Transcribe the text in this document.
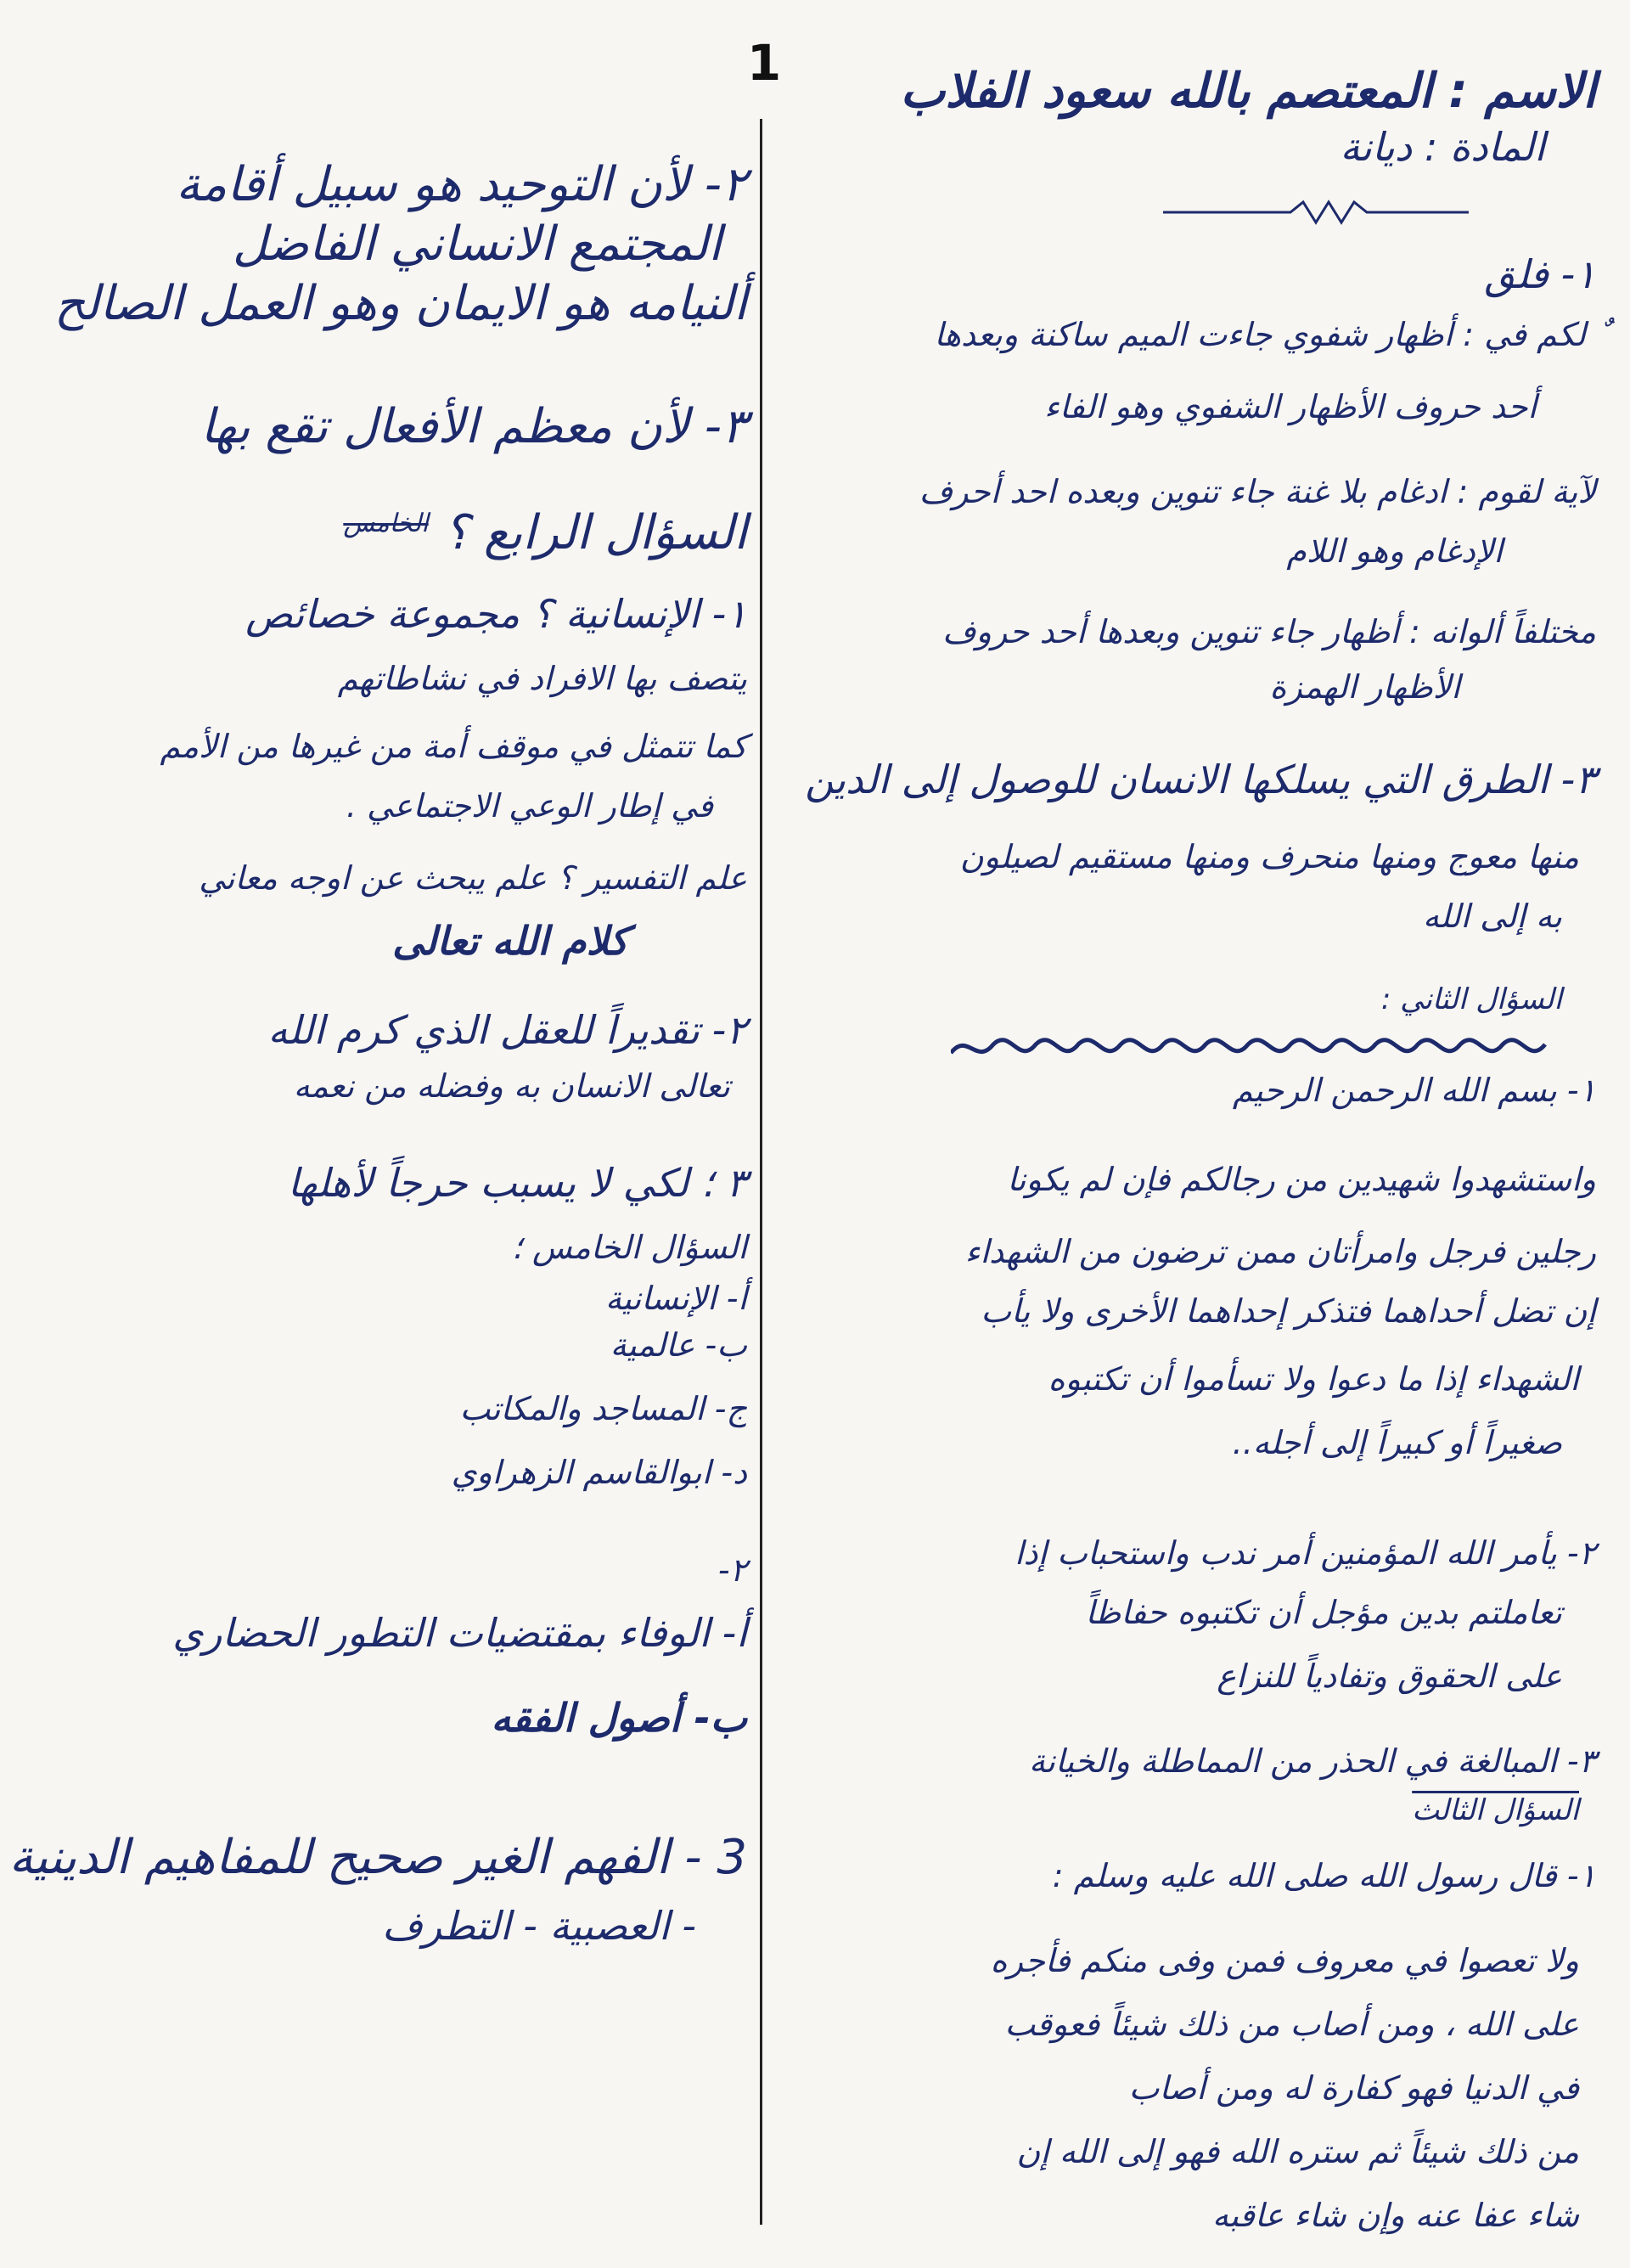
1	الاسم : المعتصم بالله سعود الفلاب
المادة : ديانة
١- فلق
ٌ لكم في : أظهار شفوي جاءت الميم ساكنة وبعدها
أحد حروف الأظهار الشفوي وهو الفاء
لآية لقوم : ادغام بلا غنة جاء تنوين وبعده احد أحرف
الإدغام وهو اللام
مختلفاً ألوانه : أظهار جاء تنوين وبعدها أحد حروف
الأظهار الهمزة
٣- الطرق التي يسلكها الانسان للوصول إلى الدين
منها معوج ومنها منحرف ومنها مستقيم لصيلون
به إلى الله
السؤال الثاني :
١- بسم الله الرحمن الرحيم
واستشهدوا شهيدين من رجالكم فإن لم يكونا
رجلين فرجل وامرأتان ممن ترضون من الشهداء
إن تضل أحداهما فتذكر إحداهما الأخرى ولا يأب
الشهداء إذا ما دعوا ولا تسأموا أن تكتبوه
صغيراً أو كبيراً إلى أجله..
٢- يأمر الله المؤمنين أمر ندب واستحباب إذا
تعاملتم بدين مؤجل أن تكتبوه حفاظاً
على الحقوق وتفادياً للنزاع
٣- المبالغة في الحذر من المماطلة والخيانة
السؤال الثالث
١- قال رسول الله صلى الله عليه وسلم :
ولا تعصوا في معروف فمن وفى منكم فأجره
على الله ، ومن أصاب من ذلك شيئاً فعوقب
في الدنيا فهو كفارة له ومن أصاب
من ذلك شيئاً ثم ستره الله فهو إلى الله إن
شاء عفا عنه وإن شاء عاقبه
٢- لأن التوحيد هو سبيل أقامة
المجتمع الانساني الفاضل
ألنيامه هو الايمان وهو العمل الصالح
٣- لأن معظم الأفعال تقع بها
السؤال الرابع ؟ $^{الخامس}$
١- الإنسانية ؟ مجموعة خصائص
يتصف بها الافراد في نشاطاتهم
كما تتمثل في موقف أمة من غيرها من الأمم
في إطار الوعي الاجتماعي .
علم التفسير ؟ علم يبحث عن اوجه معاني
كلام الله تعالى
٢- تقديراً للعقل الذي كرم الله
تعالى الانسان به وفضله من نعمه
٣ ؛ لكي لا يسبب حرجاً لأهلها
السؤال الخامس ؛
أ- الإنسانية
ب- عالمية
ج- المساجد والمكاتب
د- ابوالقاسم الزهراوي
-٢
أ- الوفاء بمقتضيات التطور الحضاري
ب- أصول الفقه
3 - الفهم الغير صحيح للمفاهيم الدينية
- العصبية - التطرف
